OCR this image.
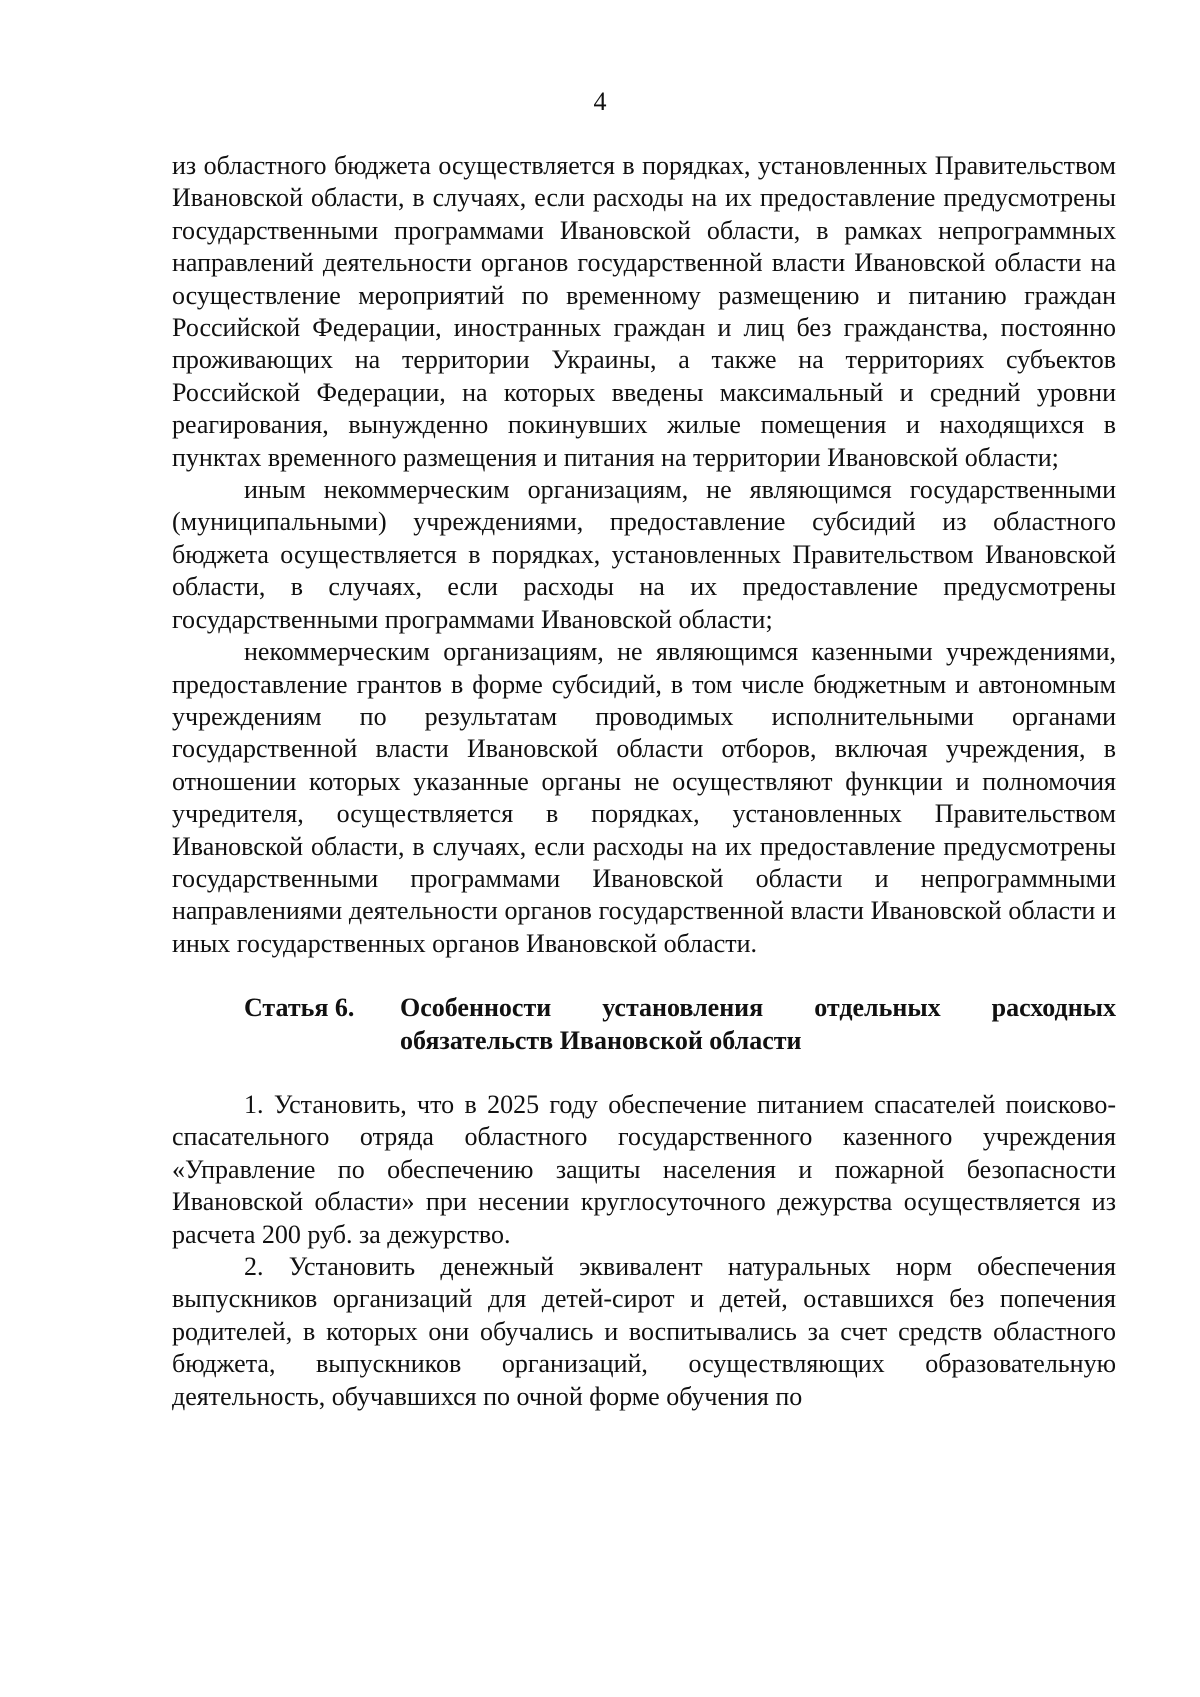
4

из областного бюджета осуществляется в порядках, установленных Правительством Ивановской области, в случаях, если расходы на их предоставление предусмотрены государственными программами Ивановской области, в рамках непрограммных направлений деятельности органов государственной власти Ивановской области на осуществление мероприятий по временному размещению и питанию граждан Российской Федерации, иностранных граждан и лиц без гражданства, постоянно проживающих на территории Украины, а также на территориях субъектов Российской Федерации, на которых введены максимальный и средний уровни реагирования, вынужденно покинувших жилые помещения и находящихся в пунктах временного размещения и питания на территории Ивановской области;

иным некоммерческим организациям, не являющимся государственными (муниципальными) учреждениями, предоставление субсидий из областного бюджета осуществляется в порядках, установленных Правительством Ивановской области, в случаях, если расходы на их предоставление предусмотрены государственными программами Ивановской области;

некоммерческим организациям, не являющимся казенными учреждениями, предоставление грантов в форме субсидий, в том числе бюджетным и автономным учреждениям по результатам проводимых исполнительными органами государственной власти Ивановской области отборов, включая учреждения, в отношении которых указанные органы не осуществляют функции и полномочия учредителя, осуществляется в порядках, установленных Правительством Ивановской области, в случаях, если расходы на их предоставление предусмотрены государственными программами Ивановской области и непрограммными направлениями деятельности органов государственной власти Ивановской области и иных государственных органов Ивановской области.

Статья 6.	Особенности установления отдельных расходных обязательств Ивановской области

1. Установить, что в 2025 году обеспечение питанием спасателей поисково-спасательного отряда областного государственного казенного учреждения «Управление по обеспечению защиты населения и пожарной безопасности Ивановской области» при несении круглосуточного дежурства осуществляется из расчета 200 руб. за дежурство.

2. Установить денежный эквивалент натуральных норм обеспечения выпускников организаций для детей-сирот и детей, оставшихся без попечения родителей, в которых они обучались и воспитывались за счет средств областного бюджета, выпускников организаций, осуществляющих образовательную деятельность, обучавшихся по очной форме обучения по
